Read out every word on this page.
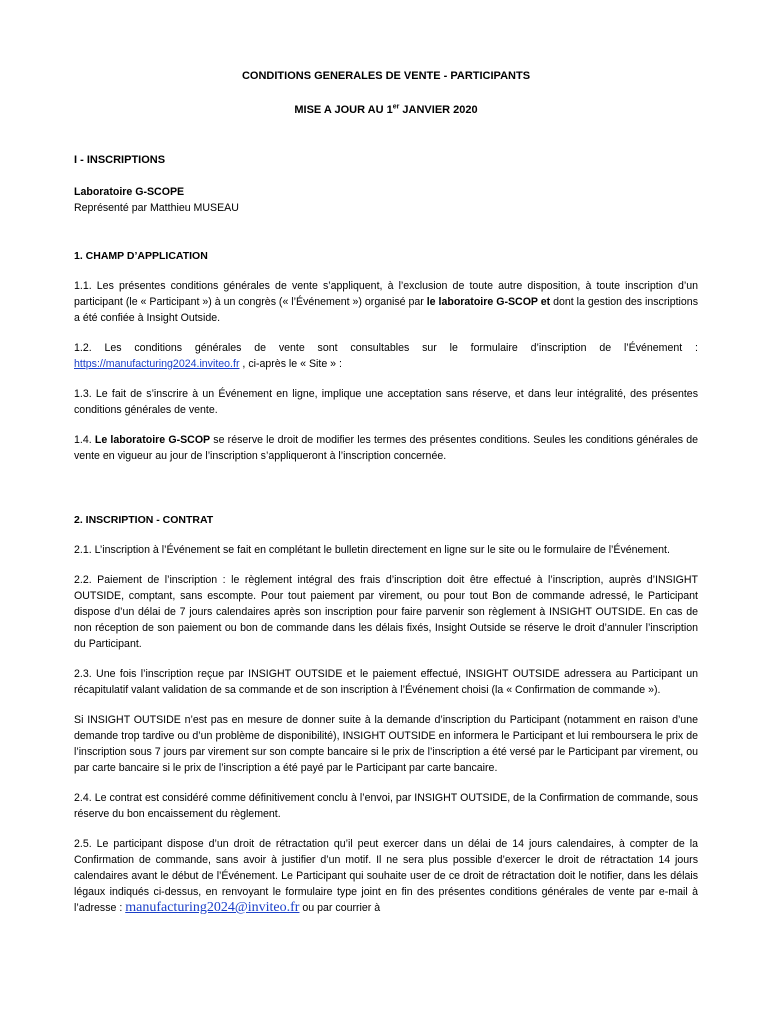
CONDITIONS GENERALES DE VENTE - PARTICIPANTS
MISE A JOUR AU 1er JANVIER 2020
I - INSCRIPTIONS
Laboratoire G-SCOPE
Représenté par Matthieu MUSEAU
1. CHAMP D’APPLICATION

1.1. Les présentes conditions générales de vente s’appliquent, à l’exclusion de toute autre disposition, à toute inscription d’un participant (le « Participant ») à un congrès (« l’Événement ») organisé par le laboratoire G-SCOP et dont la gestion des inscriptions a été confiée à Insight Outside.

1.2. Les conditions générales de vente sont consultables sur le formulaire d’inscription de l’Événement : https://manufacturing2024.inviteo.fr , ci-après le « Site » :

1.3. Le fait de s’inscrire à un Événement en ligne, implique une acceptation sans réserve, et dans leur intégralité, des présentes conditions générales de vente.

1.4. Le laboratoire G-SCOP se réserve le droit de modifier les termes des présentes conditions. Seules les conditions générales de vente en vigueur au jour de l’inscription s’appliqueront à l’inscription concernée.

2. INSCRIPTION - CONTRAT

2.1. L’inscription à l’Événement se fait en complétant le bulletin directement en ligne sur le site ou le formulaire de l’Événement.

2.2. Paiement de l’inscription : le règlement intégral des frais d’inscription doit être effectué à l’inscription, auprès d’INSIGHT OUTSIDE, comptant, sans escompte. Pour tout paiement par virement, ou pour tout Bon de commande adressé, le Participant dispose d’un délai de 7 jours calendaires après son inscription pour faire parvenir son règlement à INSIGHT OUTSIDE. En cas de non réception de son paiement ou bon de commande dans les délais fixés, Insight Outside se réserve le droit d’annuler l’inscription du Participant.

2.3. Une fois l’inscription reçue par INSIGHT OUTSIDE et le paiement effectué, INSIGHT OUTSIDE adressera au Participant un récapitulatif valant validation de sa commande et de son inscription à l’Événement choisi (la « Confirmation de commande »).

Si INSIGHT OUTSIDE n’est pas en mesure de donner suite à la demande d’inscription du Participant (notamment en raison d’une demande trop tardive ou d’un problème de disponibilité), INSIGHT OUTSIDE en informera le Participant et lui remboursera le prix de l’inscription sous 7 jours par virement sur son compte bancaire si le prix de l’inscription a été versé par le Participant par virement, ou par carte bancaire si le prix de l’inscription a été payé par le Participant par carte bancaire.

2.4. Le contrat est considéré comme définitivement conclu à l’envoi, par INSIGHT OUTSIDE, de la Confirmation de commande, sous réserve du bon encaissement du règlement.

2.5. Le participant dispose d’un droit de rétractation qu’il peut exercer dans un délai de 14 jours calendaires, à compter de la Confirmation de commande, sans avoir à justifier d’un motif. Il ne sera plus possible d’exercer le droit de rétractation 14 jours calendaires avant le début de l’Événement. Le Participant qui souhaite user de ce droit de rétractation doit le notifier, dans les délais légaux indiqués ci-dessus, en renvoyant le formulaire type joint en fin des présentes conditions générales de vente par e-mail à l’adresse : manufacturing2024@inviteo.fr ou par courrier à
